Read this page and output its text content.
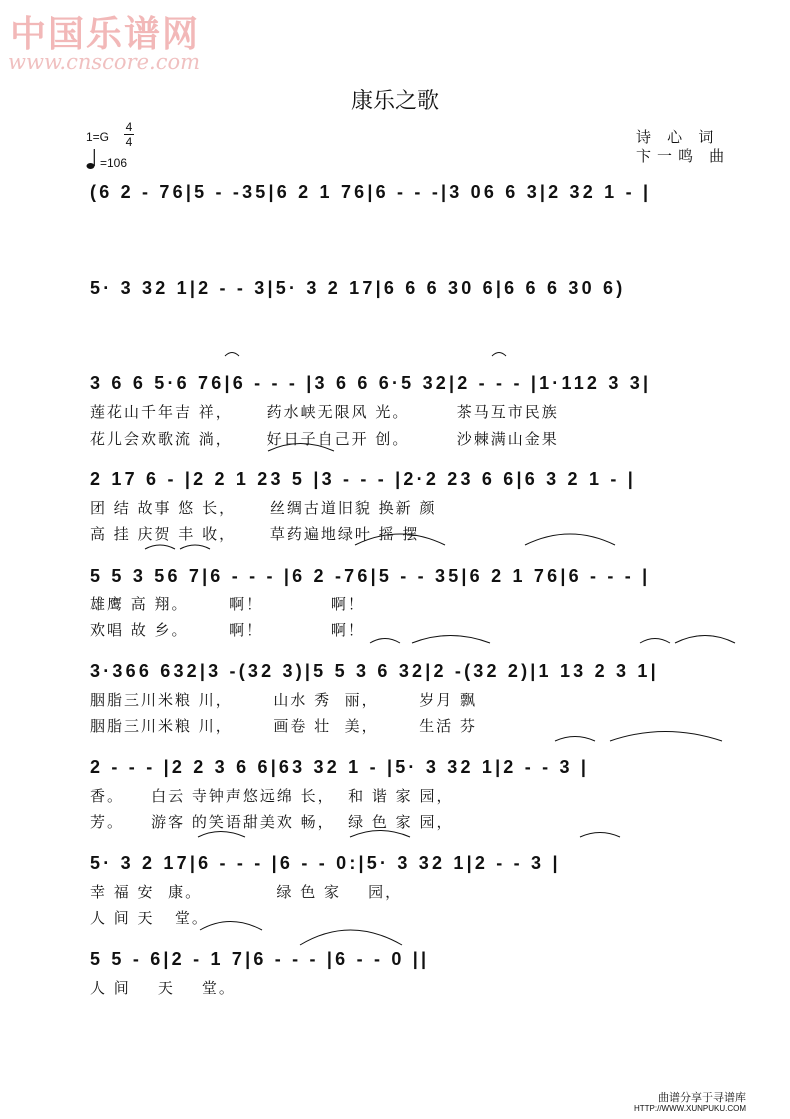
中国乐谱网
www.cnscore.com
康乐之歌
1=G
4
4
=106
诗 心 词
卞一鸣 曲
(6 2 - 76|5 - -35|6 2 1 76|6 - - -|3 06 6 3|2 32 1 - |
5· 3 32 1|2 - - 3|5· 3 2 17|6 6 6 30 6|6 6 6 30 6)
3 6 6 5·6 76|6 - - - |3 6 6 6·5 32|2 - - - |1·112 3 3|
2 17 6 - |2 2 1 23 5 |3 - - - |2·2 23 6 6|6 3 2 1 - |
5 5 3 56 7|6 - - - |6 2 -76|5 - - 35|6 2 1 76|6 - - - |
3·366 632|3 -(32 3)|5 5 3 6 32|2 -(32 2)|1 13 2 3 1|
2 - - - |2 2 3 6 6|63 32 1 - |5· 3 32 1|2 - - 3 |
5· 3 2 17|6 - - - |6 - - 0:|5· 3 32 1|2 - - 3 |
5 5 - 6|2 - 1 7|6 - - - |6 - - 0 ||
莲花山千年吉 祥，     药水峡无限风 光。       茶马互市民族
花儿会欢歌流 淌，     好日子自己开 创。       沙棘满山金果
团 结 故事 悠 长，     丝绸古道旧貌 换新 颜
高 挂 庆贺 丰 收，     草药遍地绿叶 摇 摆
雄鹰 高 翔。      啊！          啊！
欢唱 故 乡。      啊！          啊！
胭脂三川米粮 川，      山水 秀  丽，      岁月 飘
胭脂三川米粮 川，      画卷 壮  美，      生活 芬
香。    白云 寺钟声悠远绵 长，  和 谐 家 园，
芳。    游客 的笑语甜美欢 畅，  绿 色 家 园，
幸 福 安  康。           绿 色 家    园，
人 间 天   堂。
人 间    天    堂。
曲谱分享于寻谱库
HTTP://WWW.XUNPUKU.COM
